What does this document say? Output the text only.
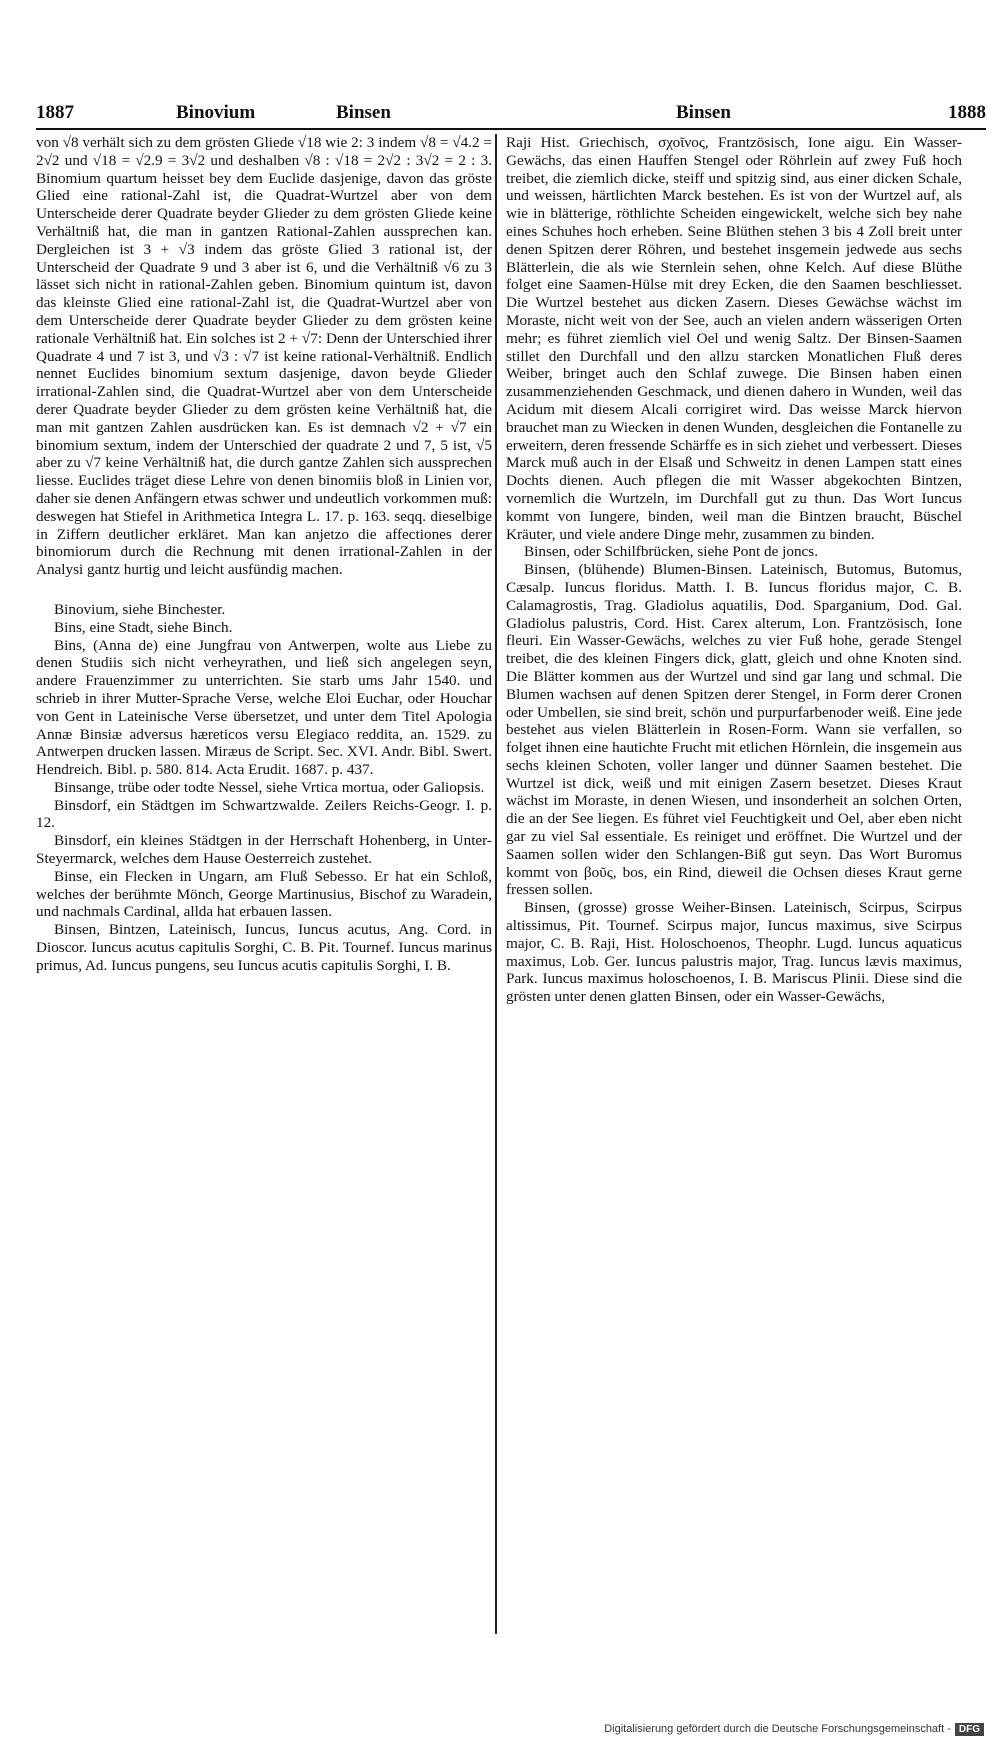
1887	Binovium	Binsen	Binsen	1888

von √8 verhält sich zu dem grösten Gliede √18 wie 2: 3 indem √8 = √4.2 = 2√2 und √18 = √2.9 = 3√2 und deshalben √8 : √18 = 2√2 : 3√2 = 2 : 3. Binomium quartum heisset bey dem Euclide dasjenige, davon das gröste Glied eine rational-Zahl ist, die Quadrat-Wurtzel aber von dem Unterscheide derer Quadrate beyder Glieder zu dem grösten Gliede keine Verhältniß hat, die man in gantzen Rational-Zahlen aussprechen kan. Dergleichen ist 3 + √3 indem das gröste Glied 3 rational ist, der Unterscheid der Quadrate 9 und 3 aber ist 6, und die Verhältniß √6 zu 3 lässet sich nicht in rational-Zahlen geben. Binomium quintum ist, davon das kleinste Glied eine rational-Zahl ist, die Quadrat-Wurtzel aber von dem Unterscheide derer Quadrate beyder Glieder zu dem grösten keine rationale Verhältniß hat. Ein solches ist 2 + √7: Denn der Unterschied ihrer Quadrate 4 und 7 ist 3, und √3 : √7 ist keine rational-Verhältniß. Endlich nennet Euclides binomium sextum dasjenige, davon beyde Glieder irrational-Zahlen sind, die Quadrat-Wurtzel aber von dem Unterscheide derer Quadrate beyder Glieder zu dem grösten keine Verhältniß hat, die man mit gantzen Zahlen ausdrücken kan. Es ist demnach √2 + √7 ein binomium sextum, indem der Unterschied der quadrate 2 und 7, 5 ist, √5 aber zu √7 keine Verhältniß hat, die durch gantze Zahlen sich aussprechen liesse. Euclides träget diese Lehre von denen binomiis bloß in Linien vor, daher sie denen Anfängern etwas schwer und undeutlich vorkommen muß: deswegen hat Stiefel in Arithmetica Integra L. 17. p. 163. seqq. dieselbige in Ziffern deutlicher erkläret. Man kan anjetzo die affectiones derer binomiorum durch die Rechnung mit denen irrational-Zahlen in der Analysi gantz hurtig und leicht ausfündig machen.

Binovium, siehe Binchester.

Bins, eine Stadt, siehe Binch.

Bins, (Anna de) eine Jungfrau von Antwerpen, wolte aus Liebe zu denen Studiis sich nicht verheyrathen, und ließ sich angelegen seyn, andere Frauenzimmer zu unterrichten. Sie starb ums Jahr 1540. und schrieb in ihrer Mutter-Sprache Verse, welche Eloi Euchar, oder Houchar von Gent in Lateinische Verse übersetzet, und unter dem Titel Apologia Annæ Binsiæ adversus hæreticos versu Elegiaco reddita, an. 1529. zu Antwerpen drucken lassen. Miræus de Script. Sec. XVI. Andr. Bibl. Swert. Hendreich. Bibl. p. 580. 814. Acta Erudit. 1687. p. 437.

Binsange, trübe oder todte Nessel, siehe Vrtica mortua, oder Galiopsis.

Binsdorf, ein Städtgen im Schwartzwalde. Zeilers Reichs-Geogr. I. p. 12.

Binsdorf, ein kleines Städtgen in der Herrschaft Hohenberg, in Unter-Steyermarck, welches dem Hause Oesterreich zustehet.

Binse, ein Flecken in Ungarn, am Fluß Sebesso. Er hat ein Schloß, welches der berühmte Mönch, George Martinusius, Bischof zu Waradein, und nachmals Cardinal, allda hat erbauen lassen.

Binsen, Bintzen, Lateinisch, Iuncus, Iuncus acutus, Ang. Cord. in Dioscor. Iuncus acutus capitulis Sorghi, C. B. Pit. Tournef. Iuncus marinus primus, Ad. Iuncus pungens, seu Iuncus acutis capitulis Sorghi, I. B.

Raji Hist. Griechisch, σχοῖνος, Frantzösisch, Ione aigu. Ein Wasser-Gewächs, das einen Hauffen Stengel oder Röhrlein auf zwey Fuß hoch treibet, die ziemlich dicke, steiff und spitzig sind, aus einer dicken Schale, und weissen, härtlichten Marck bestehen. Es ist von der Wurtzel auf, als wie in blätterige, röthlichte Scheiden eingewickelt, welche sich bey nahe eines Schuhes hoch erheben. Seine Blüthen stehen 3 bis 4 Zoll breit unter denen Spitzen derer Röhren, und bestehet insgemein jedwede aus sechs Blätterlein, die als wie Sternlein sehen, ohne Kelch. Auf diese Blüthe folget eine Saamen-Hülse mit drey Ecken, die den Saamen beschliesset. Die Wurtzel bestehet aus dicken Zasern. Dieses Gewächse wächst im Moraste, nicht weit von der See, auch an vielen andern wässerigen Orten mehr; es führet ziemlich viel Oel und wenig Saltz. Der Binsen-Saamen stillet den Durchfall und den allzu starcken Monatlichen Fluß deres Weiber, bringet auch den Schlaf zuwege. Die Binsen haben einen zusammenziehenden Geschmack, und dienen dahero in Wunden, weil das Acidum mit diesem Alcali corrigiret wird. Das weisse Marck hiervon brauchet man zu Wiecken in denen Wunden, desgleichen die Fontanelle zu erweitern, deren fressende Schärffe es in sich ziehet und verbessert. Dieses Marck muß auch in der Elsaß und Schweitz in denen Lampen statt eines Dochts dienen. Auch pflegen die mit Wasser abgekochten Bintzen, vornemlich die Wurtzeln, im Durchfall gut zu thun. Das Wort Iuncus kommt von Iungere, binden, weil man die Bintzen braucht, Büschel Kräuter, und viele andere Dinge mehr, zusammen zu binden.

Binsen, oder Schilfbrücken, siehe Pont de joncs.

Binsen, (blühende) Blumen-Binsen. Lateinisch, Butomus, Butomus, Cæsalp. Iuncus floridus. Matth. I. B. Iuncus floridus major, C. B. Calamagrostis, Trag. Gladiolus aquatilis, Dod. Sparganium, Dod. Gal. Gladiolus palustris, Cord. Hist. Carex alterum, Lon. Frantzösisch, Ione fleuri. Ein Wasser-Gewächs, welches zu vier Fuß hohe, gerade Stengel treibet, die des kleinen Fingers dick, glatt, gleich und ohne Knoten sind. Die Blätter kommen aus der Wurtzel und sind gar lang und schmal. Die Blumen wachsen auf denen Spitzen derer Stengel, in Form derer Cronen oder Umbellen, sie sind breit, schön und purpurfarbenoder weiß. Eine jede bestehet aus vielen Blätterlein in Rosen-Form. Wann sie verfallen, so folget ihnen eine hautichte Frucht mit etlichen Hörnlein, die insgemein aus sechs kleinen Schoten, voller langer und dünner Saamen bestehet. Die Wurtzel ist dick, weiß und mit einigen Zasern besetzet. Dieses Kraut wächst im Moraste, in denen Wiesen, und insonderheit an solchen Orten, die an der See liegen. Es führet viel Feuchtigkeit und Oel, aber eben nicht gar zu viel Sal essentiale. Es reiniget und eröffnet. Die Wurtzel und der Saamen sollen wider den Schlangen-Biß gut seyn. Das Wort Buromus kommt von βοῦς, bos, ein Rind, dieweil die Ochsen dieses Kraut gerne fressen sollen.

Binsen, (grosse) grosse Weiher-Binsen. Lateinisch, Scirpus, Scirpus altissimus, Pit. Tournef. Scirpus major, Iuncus maximus, sive Scirpus major, C. B. Raji, Hist. Holoschoenos, Theophr. Lugd. Iuncus aquaticus maximus, Lob. Ger. Iuncus palustris major, Trag. Iuncus lævis maximus, Park. Iuncus maximus holoschoenos, I. B. Mariscus Plinii. Diese sind die grösten unter denen glatten Binsen, oder ein Wasser-Gewächs,

Digitalisierung gefördert durch die Deutsche Forschungsgemeinschaft - DFG
